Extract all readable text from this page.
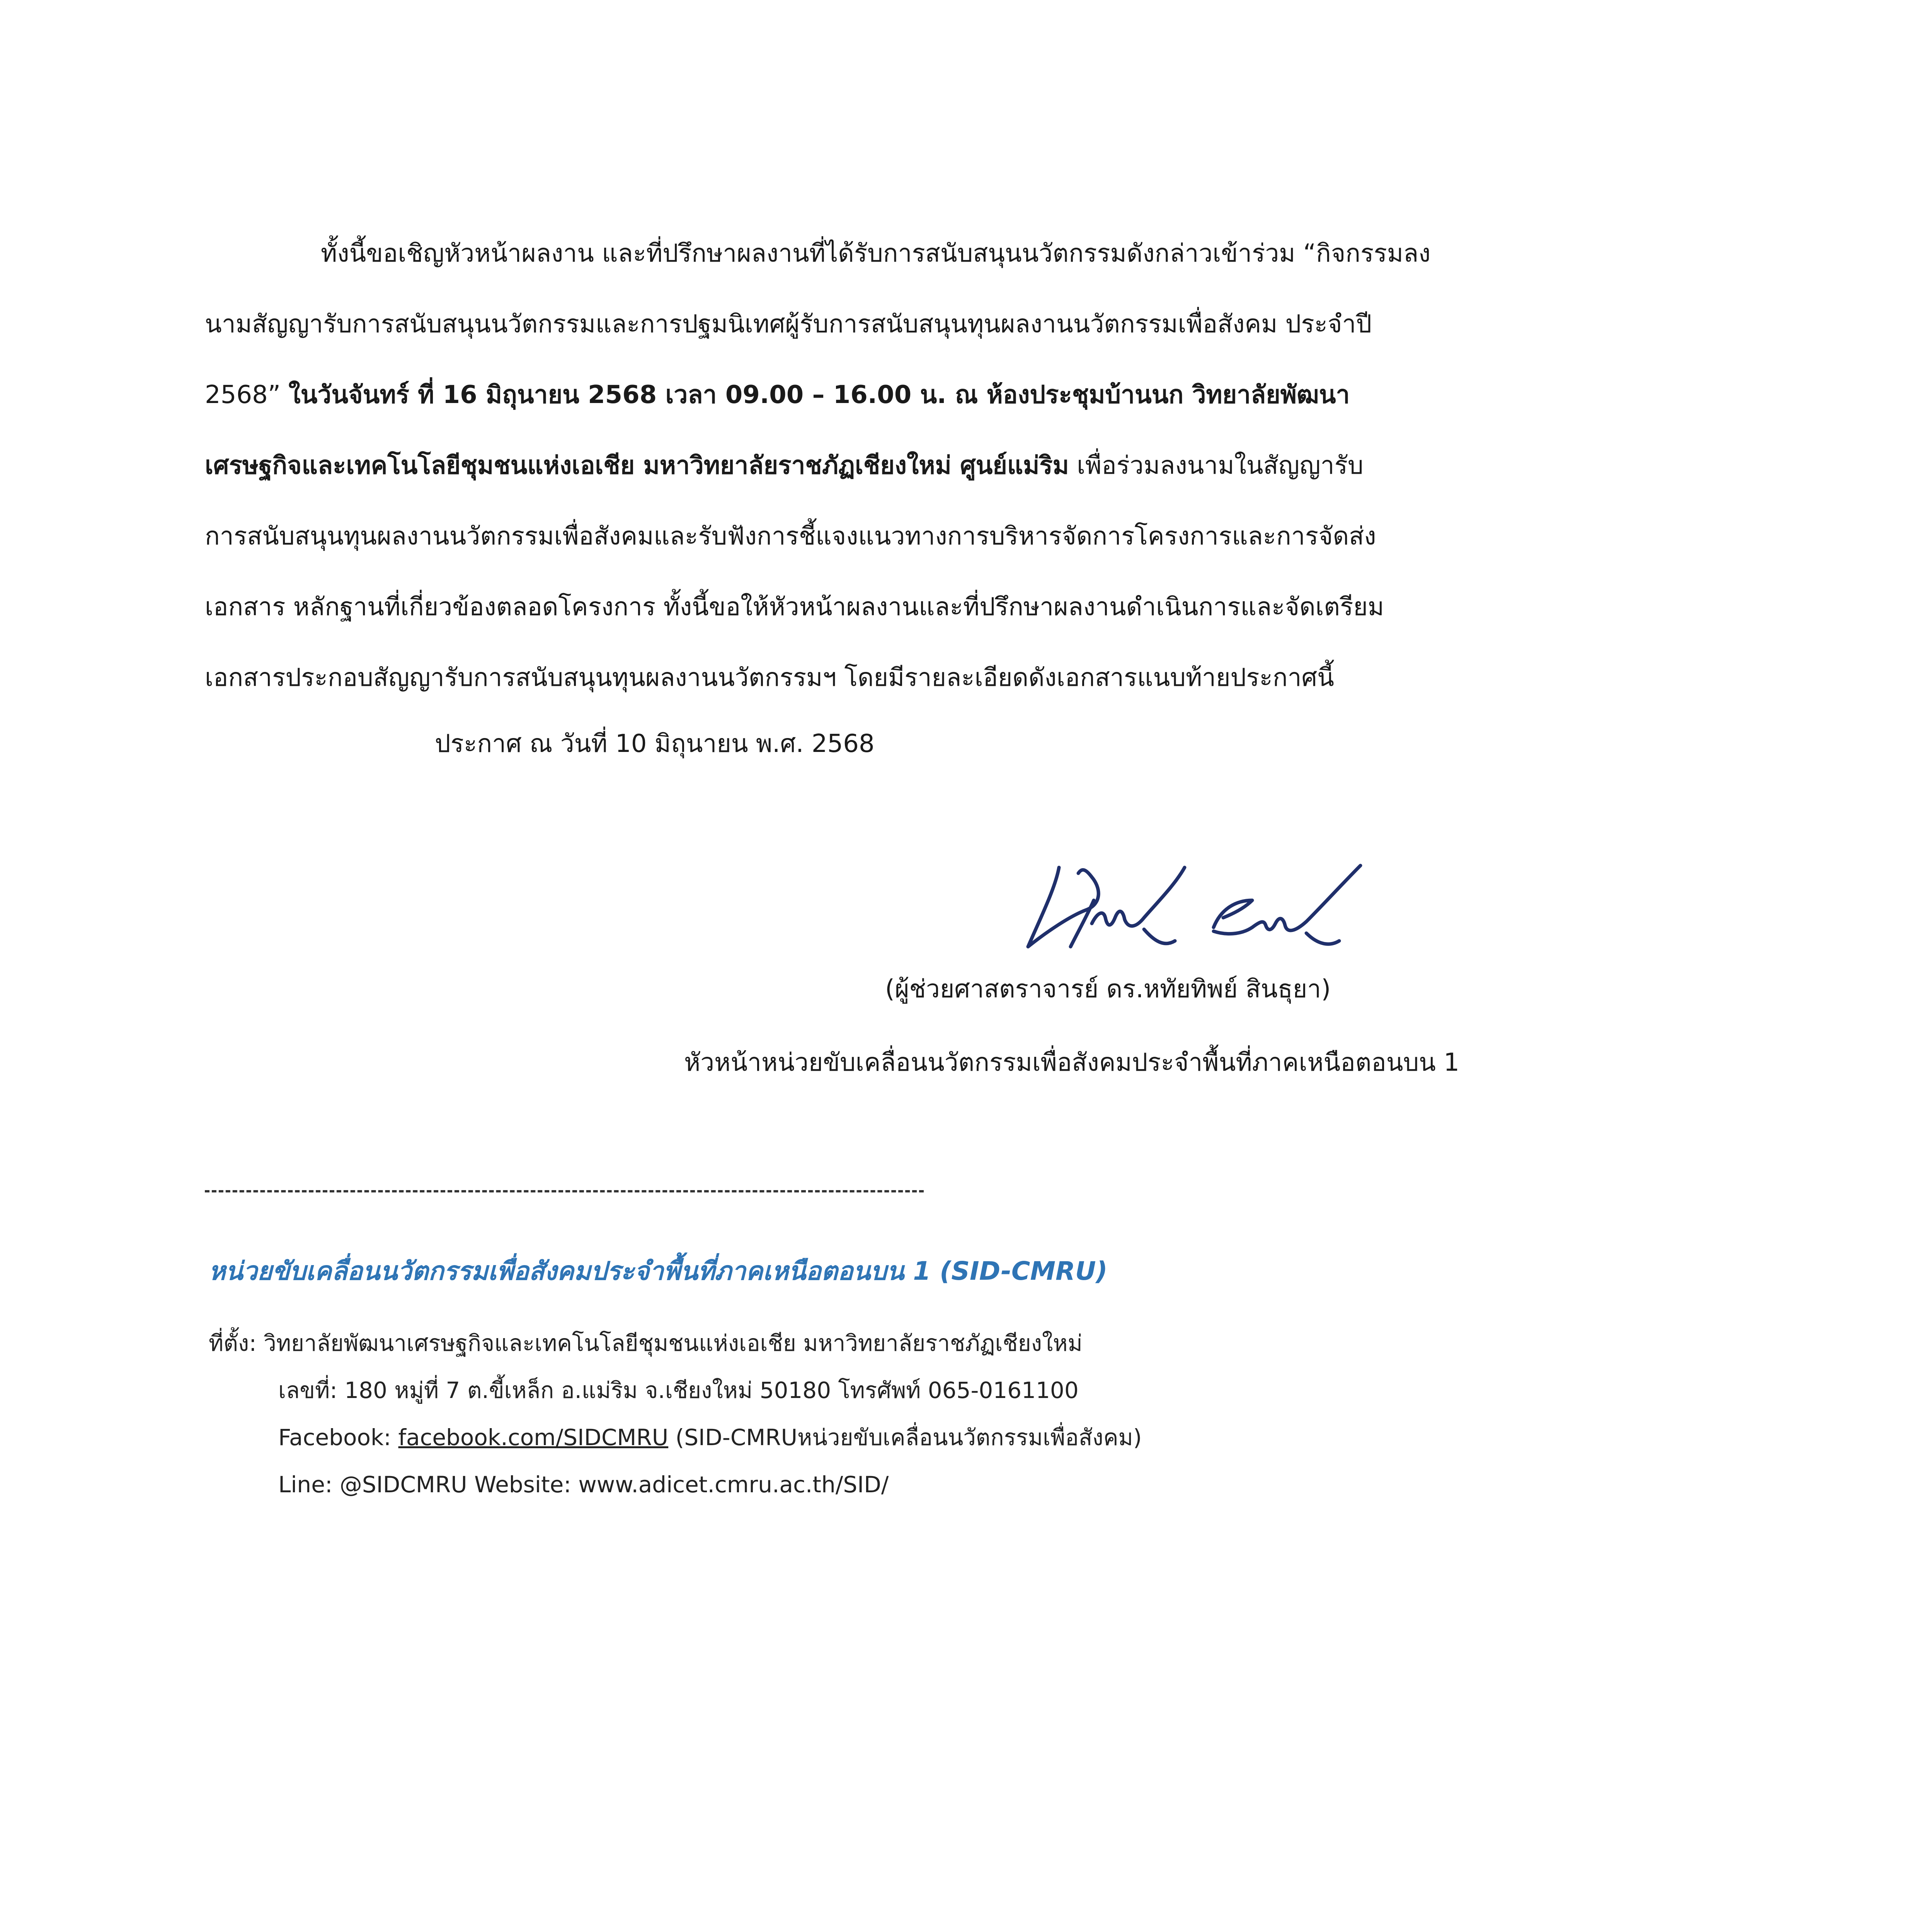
ทั้งนี้ขอเชิญหัวหน้าผลงาน และที่ปรึกษาผลงานที่ได้รับการสนับสนุนนวัตกรรมดังกล่าวเข้าร่วม “กิจกรรมลง
นามสัญญารับการสนับสนุนนวัตกรรมและการปฐมนิเทศผู้รับการสนับสนุนทุนผลงานนวัตกรรมเพื่อสังคม ประจำปี
2568” ในวันจันทร์ ที่ 16 มิถุนายน 2568 เวลา 09.00 – 16.00 น. ณ ห้องประชุมบ้านนก วิทยาลัยพัฒนา
เศรษฐกิจและเทคโนโลยีชุมชนแห่งเอเชีย มหาวิทยาลัยราชภัฏเชียงใหม่ ศูนย์แม่ริม เพื่อร่วมลงนามในสัญญารับ
การสนับสนุนทุนผลงานนวัตกรรมเพื่อสังคมและรับฟังการชี้แจงแนวทางการบริหารจัดการโครงการและการจัดส่ง
เอกสาร หลักฐานที่เกี่ยวข้องตลอดโครงการ ทั้งนี้ขอให้หัวหน้าผลงานและที่ปรึกษาผลงานดำเนินการและจัดเตรียม
เอกสารประกอบสัญญารับการสนับสนุนทุนผลงานนวัตกรรมฯ โดยมีรายละเอียดดังเอกสารแนบท้ายประกาศนี้
ประกาศ ณ วันที่ 10 มิถุนายน พ.ศ. 2568
(ผู้ช่วยศาสตราจารย์ ดร.หทัยทิพย์ สินธุยา)
หัวหน้าหน่วยขับเคลื่อนนวัตกรรมเพื่อสังคมประจำพื้นที่ภาคเหนือตอนบน 1
หน่วยขับเคลื่อนนวัตกรรมเพื่อสังคมประจำพื้นที่ภาคเหนือตอนบน 1 (SID-CMRU)
ที่ตั้ง: วิทยาลัยพัฒนาเศรษฐกิจและเทคโนโลยีชุมชนแห่งเอเชีย มหาวิทยาลัยราชภัฏเชียงใหม่
เลขที่: 180 หมู่ที่ 7 ต.ขี้เหล็ก อ.แม่ริม จ.เชียงใหม่ 50180 โทรศัพท์ 065-0161100
Facebook: facebook.com/SIDCMRU (SID-CMRUหน่วยขับเคลื่อนนวัตกรรมเพื่อสังคม)
Line: @SIDCMRU Website: www.adicet.cmru.ac.th/SID/
